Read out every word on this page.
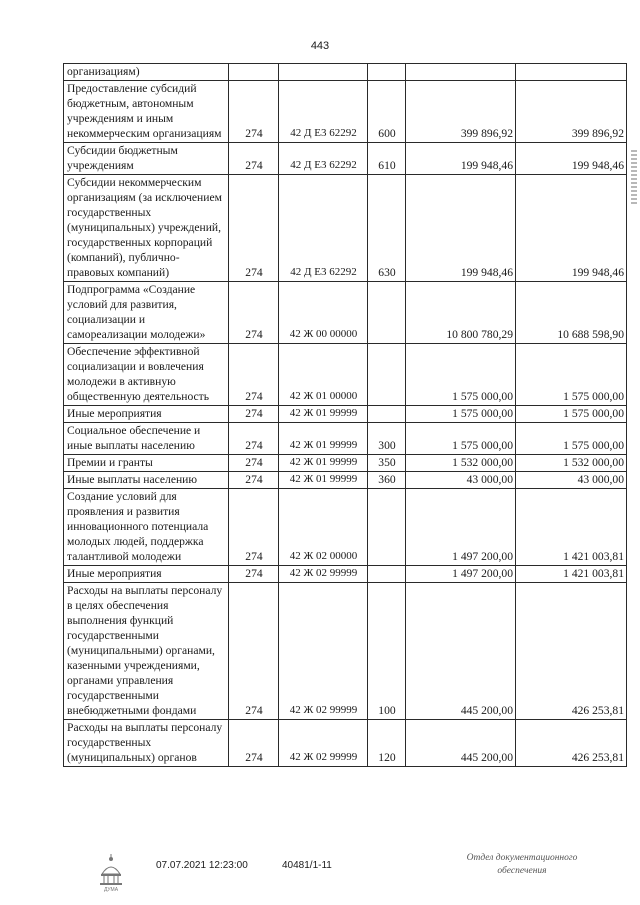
443
организациям)					
Предоставление субсидий бюджетным, автономным учреждениям и иным некоммерческим организациям	274	42 Д Е3 62292	600	399 896,92	399 896,92
Субсидии бюджетным учреждениям	274	42 Д Е3 62292	610	199 948,46	199 948,46
Субсидии некоммерческим организациям (за исключением государственных (муниципальных) учреждений, государственных корпораций (компаний), публично-правовых компаний)	274	42 Д Е3 62292	630	199 948,46	199 948,46
Подпрограмма «Создание условий для развития, социализации и самореализации молодежи»	274	42 Ж 00 00000		10 800 780,29	10 688 598,90
Обеспечение эффективной социализации и вовлечения молодежи в активную общественную деятельность	274	42 Ж 01 00000		1 575 000,00	1 575 000,00
Иные мероприятия	274	42 Ж 01 99999		1 575 000,00	1 575 000,00
Социальное обеспечение и иные выплаты населению	274	42 Ж 01 99999	300	1 575 000,00	1 575 000,00
Премии и гранты	274	42 Ж 01 99999	350	1 532 000,00	1 532 000,00
Иные выплаты населению	274	42 Ж 01 99999	360	43 000,00	43 000,00
Создание условий для проявления и развития инновационного потенциала молодых людей, поддержка талантливой молодежи	274	42 Ж 02 00000		1 497 200,00	1 421 003,81
Иные мероприятия	274	42 Ж 02 99999		1 497 200,00	1 421 003,81
Расходы на выплаты персоналу в целях обеспечения выполнения функций государственными (муниципальными) органами, казенными учреждениями, органами управления государственными внебюджетными фондами	274	42 Ж 02 99999	100	445 200,00	426 253,81
Расходы на выплаты персоналу государственных (муниципальных) органов	274	42 Ж 02 99999	120	445 200,00	426 253,81
ДУМА
07.07.2021 12:23:00	40481/1-11
Отдел документационного обеспечения
